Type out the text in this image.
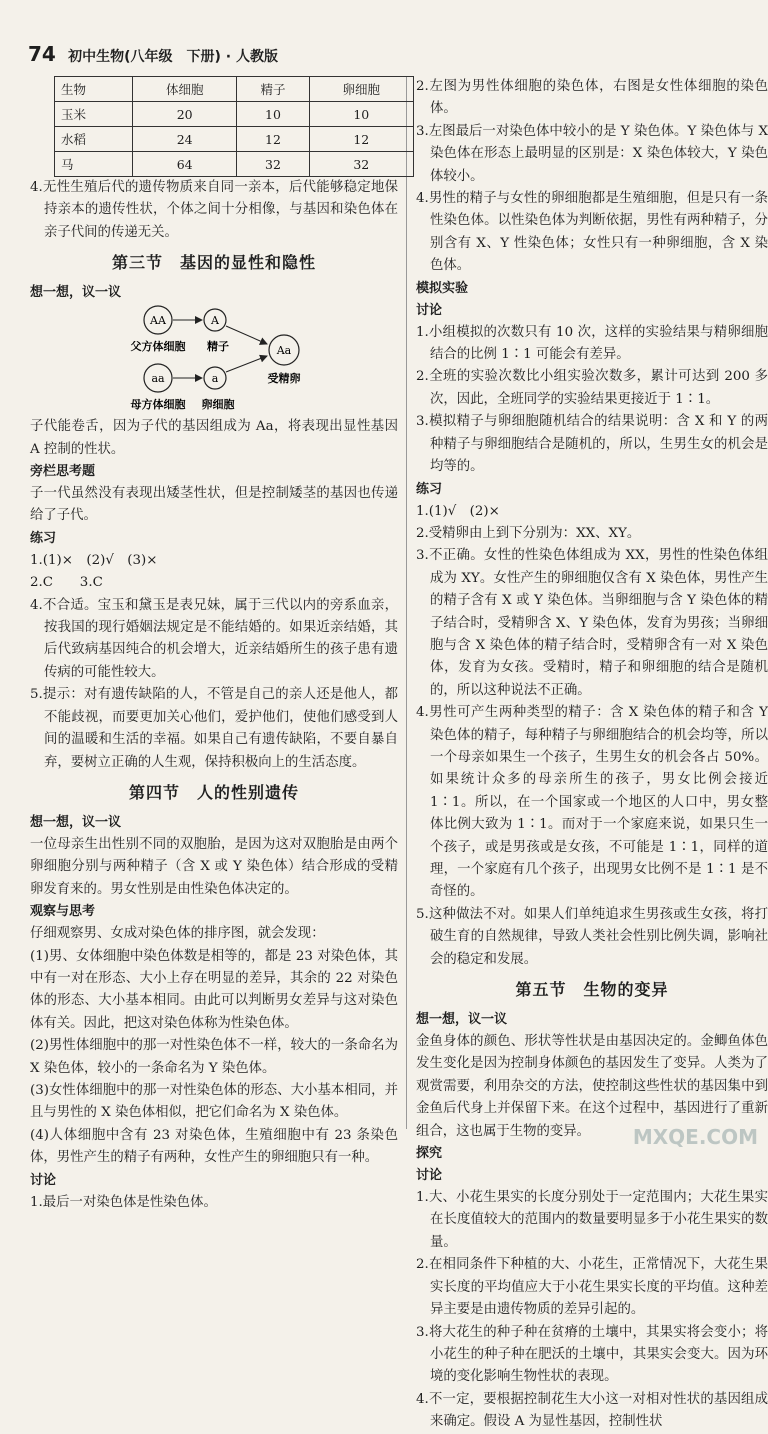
74 初中生物(八年级　下册) · 人教版
生物	体细胞	精子	卵细胞
玉米	20	10	10
水稻	24	12	12
马	64	32	32

4.无性生殖后代的遗传物质来自同一亲本，后代能够稳定地保持亲本的遗传性状，个体之间十分相像，与基因和染色体在亲子代间的传递无关。

第三节　基因的显性和隐性
想一想，议一议
AA	A
aa	a
Aa
父方体细胞 精子
母方体细胞 卵细胞
受精卵

子代能卷舌，因为子代的基因组成为 Aa，将表现出显性基因 A 控制的性状。

旁栏思考题

子一代虽然没有表现出矮茎性状，但是控制矮茎的基因也传递给了子代。

练习

1.(1)×　(2)√　(3)×

2.C　　3.C

4.不合适。宝玉和黛玉是表兄妹，属于三代以内的旁系血亲，按我国的现行婚姻法规定是不能结婚的。如果近亲结婚，其后代致病基因纯合的机会增大，近亲结婚所生的孩子患有遗传病的可能性较大。

5.提示：对有遗传缺陷的人，不管是自己的亲人还是他人，都不能歧视，而要更加关心他们，爱护他们，使他们感受到人间的温暖和生活的幸福。如果自己有遗传缺陷，不要自暴自弃，要树立正确的人生观，保持积极向上的生活态度。

第四节　人的性别遗传
想一想，议一议

一位母亲生出性别不同的双胞胎，是因为这对双胞胎是由两个卵细胞分别与两种精子（含 X 或 Y 染色体）结合形成的受精卵发育来的。男女性别是由性染色体决定的。

观察与思考

仔细观察男、女成对染色体的排序图，就会发现：

(1)男、女体细胞中染色体数是相等的，都是 23 对染色体，其中有一对在形态、大小上存在明显的差异，其余的 22 对染色体的形态、大小基本相同。由此可以判断男女差异与这对染色体有关。因此，把这对染色体称为性染色体。

(2)男性体细胞中的那一对性染色体不一样，较大的一条命名为 X 染色体，较小的一条命名为 Y 染色体。

(3)女性体细胞中的那一对性染色体的形态、大小基本相同，并且与男性的 X 染色体相似，把它们命名为 X 染色体。

(4)人体细胞中含有 23 对染色体，生殖细胞中有 23 条染色体，男性产生的精子有两种，女性产生的卵细胞只有一种。

讨论

1.最后一对染色体是性染色体。

2.左图为男性体细胞的染色体，右图是女性体细胞的染色体。

3.左图最后一对染色体中较小的是 Y 染色体。Y 染色体与 X 染色体在形态上最明显的区别是：X 染色体较大，Y 染色体较小。

4.男性的精子与女性的卵细胞都是生殖细胞，但是只有一条性染色体。以性染色体为判断依据，男性有两种精子，分别含有 X、Y 性染色体；女性只有一种卵细胞，含 X 染色体。

模拟实验
讨论

1.小组模拟的次数只有 10 次，这样的实验结果与精卵细胞结合的比例 1∶1 可能会有差异。

2.全班的实验次数比小组实验次数多，累计可达到 200 多次，因此，全班同学的实验结果更接近于 1∶1。

3.模拟精子与卵细胞随机结合的结果说明：含 X 和 Y 的两种精子与卵细胞结合是随机的，所以，生男生女的机会是均等的。

练习

1.(1)√　(2)×

2.受精卵由上到下分别为：XX、XY。

3.不正确。女性的性染色体组成为 XX，男性的性染色体组成为 XY。女性产生的卵细胞仅含有 X 染色体，男性产生的精子含有 X 或 Y 染色体。当卵细胞与含 Y 染色体的精子结合时，受精卵含 X、Y 染色体，发育为男孩；当卵细胞与含 X 染色体的精子结合时，受精卵含有一对 X 染色体，发育为女孩。受精时，精子和卵细胞的结合是随机的，所以这种说法不正确。

4.男性可产生两种类型的精子：含 X 染色体的精子和含 Y 染色体的精子，每种精子与卵细胞结合的机会均等，所以一个母亲如果生一个孩子，生男生女的机会各占 50%。如果统计众多的母亲所生的孩子，男女比例会接近 1∶1。所以，在一个国家或一个地区的人口中，男女整体比例大致为 1∶1。而对于一个家庭来说，如果只生一个孩子，或是男孩或是女孩，不可能是 1∶1，同样的道理，一个家庭有几个孩子，出现男女比例不是 1∶1 是不奇怪的。

5.这种做法不对。如果人们单纯追求生男孩或生女孩，将打破生育的自然规律，导致人类社会性别比例失调，影响社会的稳定和发展。

第五节　生物的变异
想一想，议一议

金鱼身体的颜色、形状等性状是由基因决定的。金鲫鱼体色发生变化是因为控制身体颜色的基因发生了变异。人类为了观赏需要，利用杂交的方法，使控制这些性状的基因集中到金鱼后代身上并保留下来。在这个过程中，基因进行了重新组合，这也属于生物的变异。

探究
讨论

1.大、小花生果实的长度分别处于一定范围内；大花生果实在长度值较大的范围内的数量要明显多于小花生果实的数量。

2.在相同条件下种植的大、小花生，正常情况下，大花生果实长度的平均值应大于小花生果实长度的平均值。这种差异主要是由遗传物质的差异引起的。

3.将大花生的种子种在贫瘠的土壤中，其果实将会变小；将小花生的种子种在肥沃的土壤中，其果实会变大。因为环境的变化影响生物性状的表现。

4.不一定，要根据控制花生大小这一对相对性状的基因组成来确定。假设 A 为显性基因，控制性状

MXQE.COM
